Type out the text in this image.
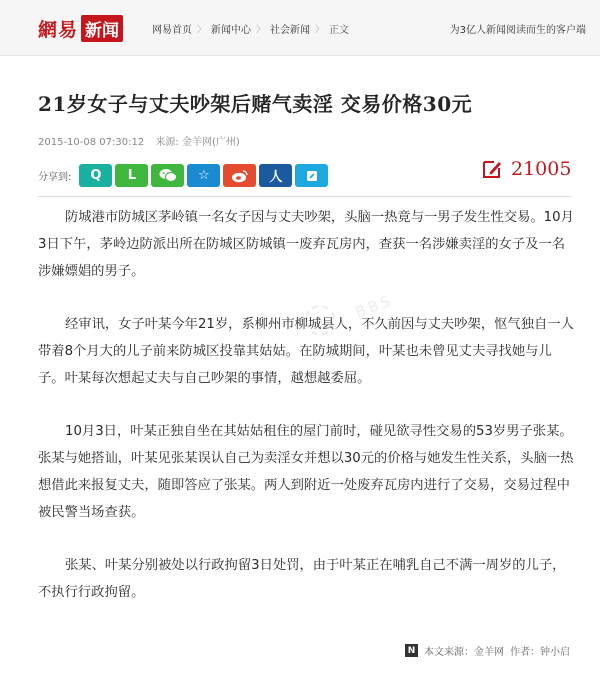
網易 新闻	网易首页 〉 新闻中心 〉 社会新闻 〉 正文	为3亿人新闻阅读而生的客户端
21岁女子与丈夫吵架后赌气卖淫 交易价格30元
2015-10-08 07:30:12 来源: 金羊网(广州)
分享到: Q L	☆	人	21005

防城港市防城区茅岭镇一名女子因与丈夫吵架，头脑一热竟与一男子发生性交易。10月3日下午，茅岭边防派出所在防城区防城镇一废弃瓦房内，查获一名涉嫌卖淫的女子及一名涉嫌嫖娼的男子。

经审讯，女子叶某今年21岁，系柳州市柳城县人，不久前因与丈夫吵架，怄气独自一人带着8个月大的儿子前来防城区投靠其姑姑。在防城期间，叶某也未曾见丈夫寻找她与儿子。叶某每次想起丈夫与自己吵架的事情，越想越委屈。

10月3日，叶某正独自坐在其姑姑租住的屋门前时，碰见欲寻性交易的53岁男子张某。张某与她搭讪，叶某见张某误认自己为卖淫女并想以30元的价格与她发生性关系，头脑一热想借此来报复丈夫，随即答应了张某。两人到附近一处废弃瓦房内进行了交易，交易过程中被民警当场查获。

张某、叶某分别被处以行政拘留3日处罚，由于叶某正在哺乳自己不满一周岁的儿子，不执行行政拘留。

◌ BBS
N 本文来源：金羊网 作者：钟小启
